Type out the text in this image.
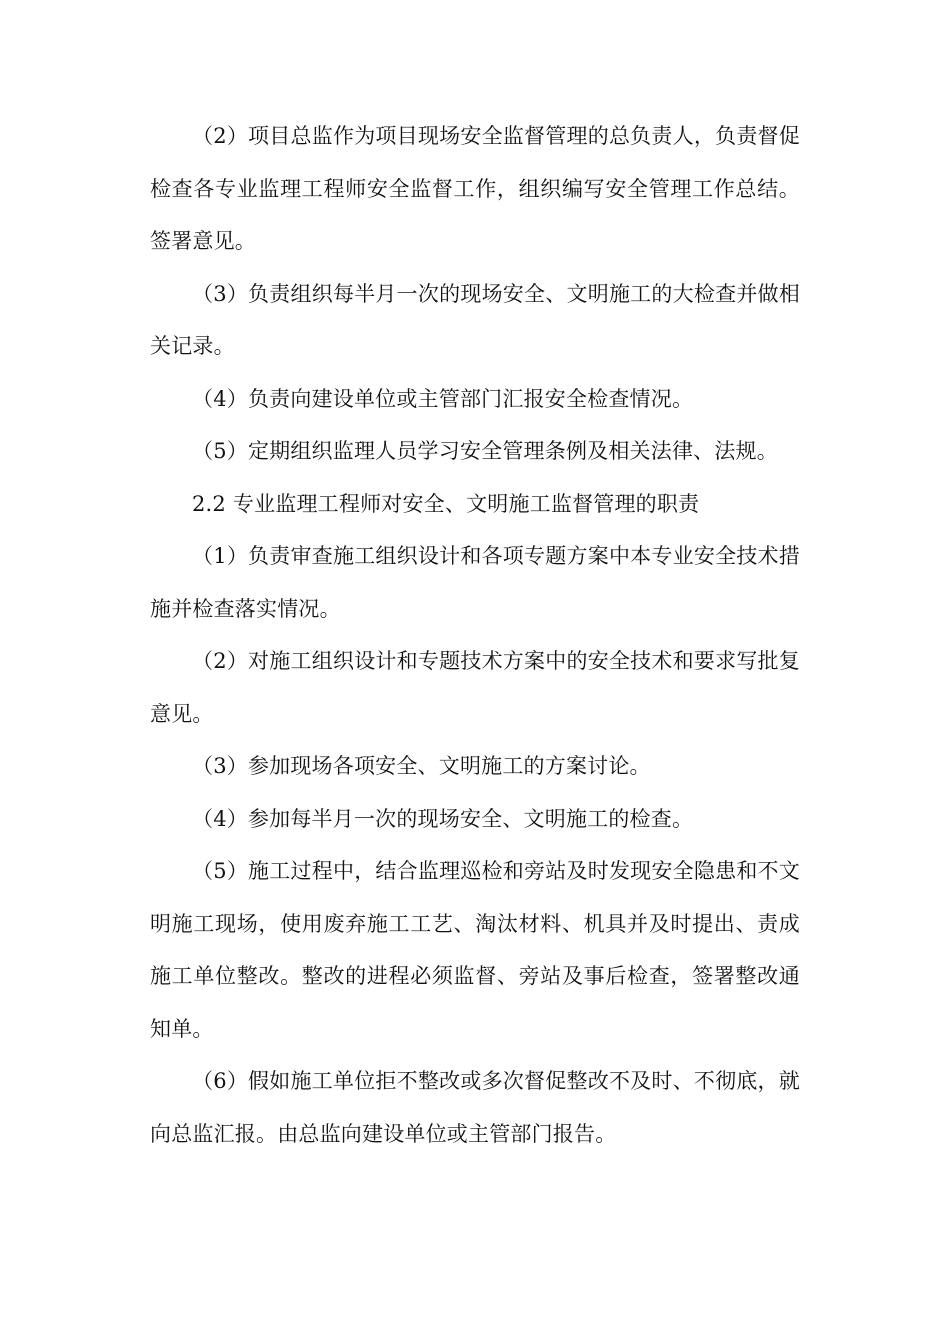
（2）项目总监作为项目现场安全监督管理的总负责人，负责督促检查各专业监理工程师安全监督工作，组织编写安全管理工作总结。签署意见。

（3）负责组织每半月一次的现场安全、文明施工的大检查并做相关记录。

（4）负责向建设单位或主管部门汇报安全检查情况。

（5）定期组织监理人员学习安全管理条例及相关法律、法规。

2.2 专业监理工程师对安全、文明施工监督管理的职责

（1）负责审查施工组织设计和各项专题方案中本专业安全技术措施并检查落实情况。

（2）对施工组织设计和专题技术方案中的安全技术和要求写批复意见。

（3）参加现场各项安全、文明施工的方案讨论。

（4）参加每半月一次的现场安全、文明施工的检查。

（5）施工过程中，结合监理巡检和旁站及时发现安全隐患和不文明施工现场，使用废弃施工工艺、淘汰材料、机具并及时提出、责成施工单位整改。整改的进程必须监督、旁站及事后检查，签署整改通知单。

（6）假如施工单位拒不整改或多次督促整改不及时、不彻底，就向总监汇报。由总监向建设单位或主管部门报告。
